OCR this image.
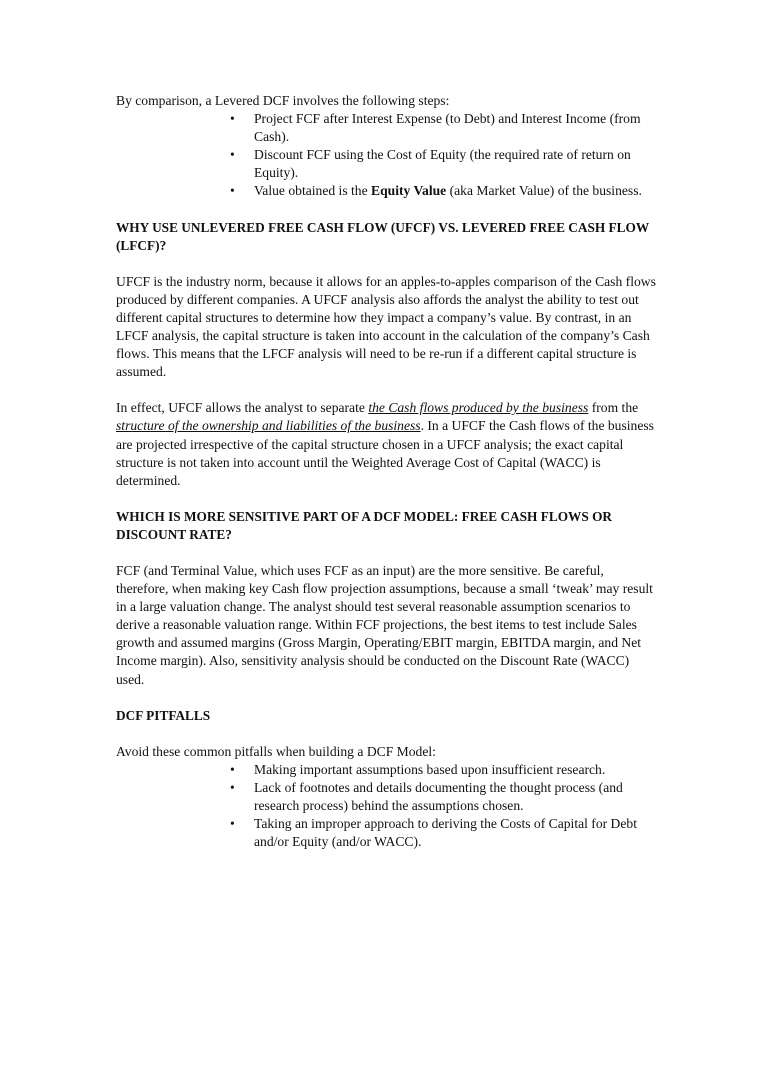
By comparison, a Levered DCF involves the following steps:

• Project FCF after Interest Expense (to Debt) and Interest Income (from Cash).
• Discount FCF using the Cost of Equity (the required rate of return on Equity).
• Value obtained is the Equity Value (aka Market Value) of the business.

WHY USE UNLEVERED FREE CASH FLOW (UFCF) VS. LEVERED FREE CASH FLOW (LFCF)?

UFCF is the industry norm, because it allows for an apples-to-apples comparison of the Cash flows produced by different companies. A UFCF analysis also affords the analyst the ability to test out different capital structures to determine how they impact a company’s value. By contrast, in an LFCF analysis, the capital structure is taken into account in the calculation of the company’s Cash flows. This means that the LFCF analysis will need to be re-run if a different capital structure is assumed.

In effect, UFCF allows the analyst to separate the Cash flows produced by the business from the structure of the ownership and liabilities of the business. In a UFCF the Cash flows of the business are projected irrespective of the capital structure chosen in a UFCF analysis; the exact capital structure is not taken into account until the Weighted Average Cost of Capital (WACC) is determined.

WHICH IS MORE SENSITIVE PART OF A DCF MODEL: FREE CASH FLOWS OR DISCOUNT RATE?

FCF (and Terminal Value, which uses FCF as an input) are the more sensitive. Be careful, therefore, when making key Cash flow projection assumptions, because a small ‘tweak’ may result in a large valuation change. The analyst should test several reasonable assumption scenarios to derive a reasonable valuation range. Within FCF projections, the best items to test include Sales growth and assumed margins (Gross Margin, Operating/EBIT margin, EBITDA margin, and Net Income margin). Also, sensitivity analysis should be conducted on the Discount Rate (WACC) used.

DCF PITFALLS

Avoid these common pitfalls when building a DCF Model:

• Making important assumptions based upon insufficient research.
• Lack of footnotes and details documenting the thought process (and research process) behind the assumptions chosen.
• Taking an improper approach to deriving the Costs of Capital for Debt and/or Equity (and/or WACC).
